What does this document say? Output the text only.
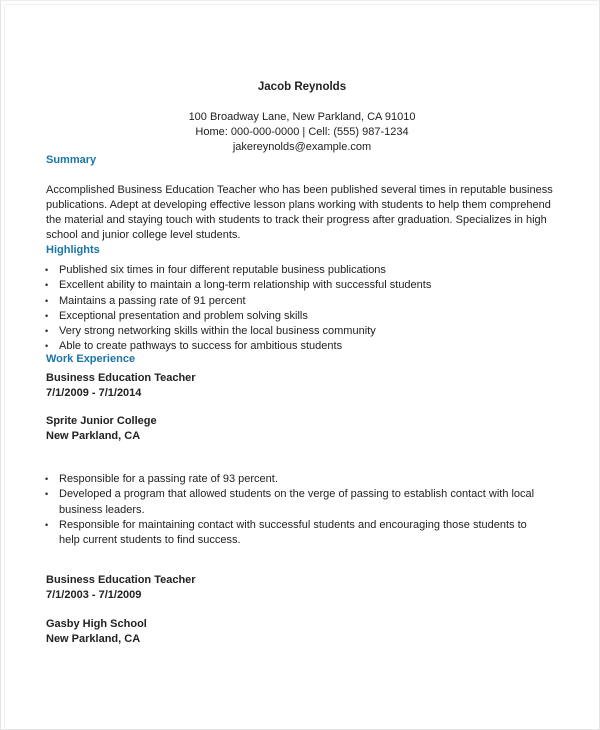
Jacob Reynolds
100 Broadway Lane, New Parkland, CA 91010
Home: 000-000-0000 | Cell: (555) 987-1234
jakereynolds@example.com
Summary
Accomplished Business Education Teacher who has been published several times in reputable business publications. Adept at developing effective lesson plans working with students to help them comprehend the material and staying touch with students to track their progress after graduation. Specializes in high school and junior college level students.
Highlights
• Published six times in four different reputable business publications
• Excellent ability to maintain a long-term relationship with successful students
• Maintains a passing rate of 91 percent
• Exceptional presentation and problem solving skills
• Very strong networking skills within the local business community
• Able to create pathways to success for ambitious students
Work Experience
Business Education Teacher
7/1/2009 - 7/1/2014
Sprite Junior College
New Parkland, CA
• Responsible for a passing rate of 93 percent.
• Developed a program that allowed students on the verge of passing to establish contact with local business leaders.
• Responsible for maintaining contact with successful students and encouraging those students to help current students to find success.
Business Education Teacher
7/1/2003 - 7/1/2009
Gasby High School
New Parkland, CA
